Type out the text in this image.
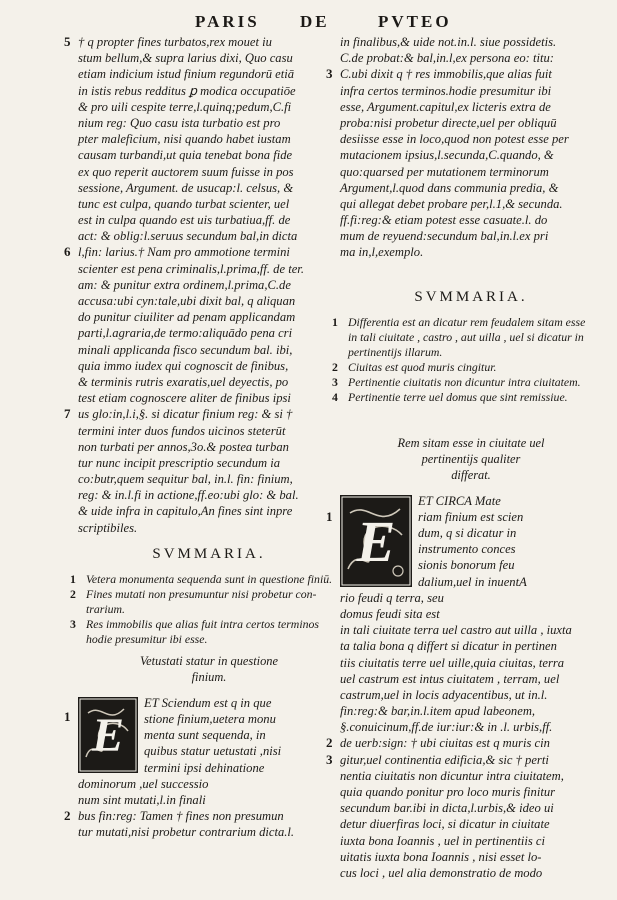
PARIS DE	PVTEO
5 † q propter fines turbatos,rex mouet iu
stum bellum,& supra larius dixi, Quo casu
etiam indicium istud finium regundorū etiā
in istis rebus redditus ꝑ modica occupatiōe
& pro uili cespite terre,l.quinq;pedum,C.fi
nium reg: Quo casu ista turbatio est pro
pter maleficium, nisi quando habet iustam
causam turbandi,ut quia tenebat bona fide
ex quo reperit auctorem suum fuisse in pos
sessione, Argument. de usucap:l. celsus, &
tunc est culpa, quando turbat scienter, uel
est in culpa quando est uis turbatiua,ff. de
act: & oblig:l.seruus secundum bal,in dicta
6 l,fin: larius.† Nam pro ammotione termini
scienter est pena criminalis,l.prima,ff. de ter.
am: & punitur extra ordinem,l.prima,C.de
accusa:ubi cyn:tale,ubi dixit bal, q aliquan
do punitur ciuiliter ad penam applicandam
parti,l.agraria,de termo:aliquādo pena cri
minali applicanda fisco secundum bal. ibi,
quia immo iudex qui cognoscit de finibus,
& terminis rutris exaratis,uel deyectis, po
test etiam cognoscere aliter de finibus ipsi
7 us glo:in,l.i,§. si dicatur finium reg: & si †
termini inter duos fundos uicinos steterūt
non turbati per annos,3o.& postea turban
tur nunc incipit prescriptio secundum ia
co:butr,quem sequitur bal, in.l. fin: finium,
reg: & in.l.fi in actione,ff.eo:ubi glo: & bal.
& uide infra in capitulo,An fines sint inpre
scriptibiles.
SVMMARIA.
1 Vetera monumenta sequenda sunt in questione finiū.
2 Fines mutati non presumuntur nisi probetur con-
trarium.
3 Res immobilis que alias fuit intra certos terminos
hodie presumitur ibi esse.
Vetustati statur in questione
finium.
1 E
ET Sciendum est q in que
stione finium,uetera monu
menta sunt sequenda, in
quibus statur uetustati ,nisi
termini ipsi dehinatione
dominorum ,uel successio
num sint mutati,l.in finali
2 bus fin:reg: Tamen † fines non presumun
tur mutati,nisi probetur contrarium dicta.l.
in finalibus,& uide not.in.l. siue possidetis.
C.de probat:& bal,in.l,ex persona eo: titu:
3 C.ubi dixit q † res immobilis,que alias fuit
infra certos terminos.hodie presumitur ibi
esse, Argument.capitul,ex licteris extra de
proba:nisi probetur directe,uel per obliquū
desiisse esse in loco,quod non potest esse per
mutacionem ipsius,l.secunda,C.quando, &
quo:quarsed per mutationem terminorum
Argument,l.quod dans communia predia, &
qui allegat debet probare per,l.1,& secunda.
ff.fi:reg:& etiam potest esse casuate.l. do
mum de reyuend:secundum bal,in.l.ex pri
ma in,l,exemplo.
SVMMARIA.
1 Differentia est an dicatur rem feudalem sitam esse
in tali ciuitate , castro , aut uilla , uel si dicatur in
pertinentijs illarum.
2 Ciuitas est quod muris cingitur.
3 Pertinentie ciuitatis non dicuntur intra ciuitatem.
4 Pertinentie terre uel domus que sint remissiue.
Rem sitam esse in ciuitate uel
pertinentijs qualiter
differat.
1 E
ET CIRCA Mate
riam finium est scien
dum, q si dicatur in
instrumento conces
sionis bonorum feu
dalium,uel in inuentA
rio feudi q terra, seu
domus feudi sita est
in tali ciuitate terra uel castro aut uilla , iuxta
ta talia bona q differt si dicatur in pertinen
tiis ciuitatis terre uel uille,quia ciuitas, terra
uel castrum est intus ciuitatem , terram, uel
castrum,uel in locis adyacentibus, ut in.l.
fin:reg:& bar,in.l.item apud labeonem,
§.conuicinum,ff.de iur:iur:& in .l. urbis,ff.
2 de uerb:sign: † ubi ciuitas est q muris cin
3 gitur,uel continentia edificia,& sic † perti
nentia ciuitatis non dicuntur intra ciuitatem,
quia quando ponitur pro loco muris finitur
secundum bar.ibi in dicta,l.urbis,& ideo ui
detur diuerfiras loci, si dicatur in ciuitate
iuxta bona Ioannis , uel in pertinentiis ci
uitatis iuxta bona Ioannis , nisi esset lo-
cus loci , uel alia demonstratio de modo
